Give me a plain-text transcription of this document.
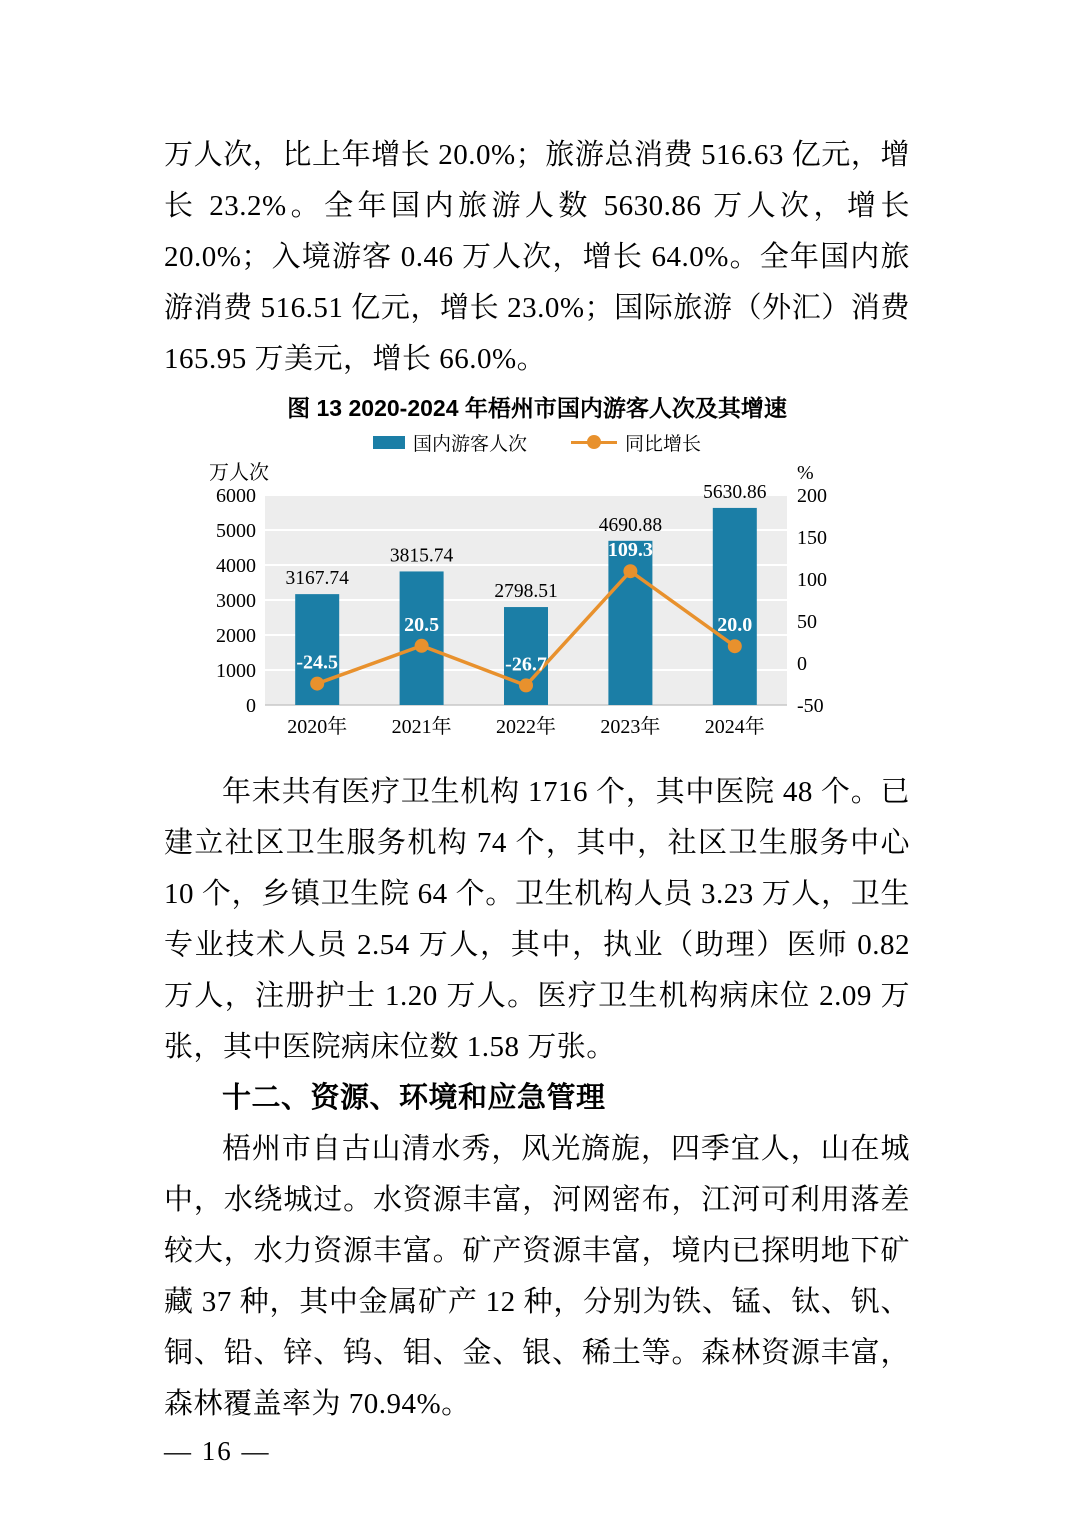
万人次，比上年增长 20.0%；旅游总消费 516.63 亿元，增长 23.2%。全年国内旅游人数 5630.86 万人次，增长 20.0%；入境游客 0.46 万人次，增长 64.0%。全年国内旅游消费 516.51 亿元，增长 23.0%；国际旅游（外汇）消费 165.95 万美元，增长 66.0%。

图 13 2020-2024 年梧州市国内游客人次及其增速
国内游客人次	同比增长
0
1000
2000
3000
4000
5000
6000
-50
0
50
100
150
200
万人次	%
2020年 2021年 2022年 2023年 2024年
3167.74
3815.74
2798.51
4690.88
5630.86
-24.5
20.5
-26.7
109.3
20.0

年末共有医疗卫生机构 1716 个，其中医院 48 个。已建立社区卫生服务机构 74 个，其中，社区卫生服务中心 10 个，乡镇卫生院 64 个。卫生机构人员 3.23 万人，卫生专业技术人员 2.54 万人，其中，执业（助理）医师 0.82 万人，注册护士 1.20 万人。医疗卫生机构病床位 2.09 万张，其中医院病床位数 1.58 万张。

十二、资源、环境和应急管理

梧州市自古山清水秀，风光旖旎，四季宜人，山在城中，水绕城过。水资源丰富，河网密布，江河可利用落差较大，水力资源丰富。矿产资源丰富，境内已探明地下矿藏 37 种，其中金属矿产 12 种，分别为铁、锰、钛、钒、铜、铅、锌、钨、钼、金、银、稀土等。森林资源丰富，森林覆盖率为 70.94%。

— 16 —
